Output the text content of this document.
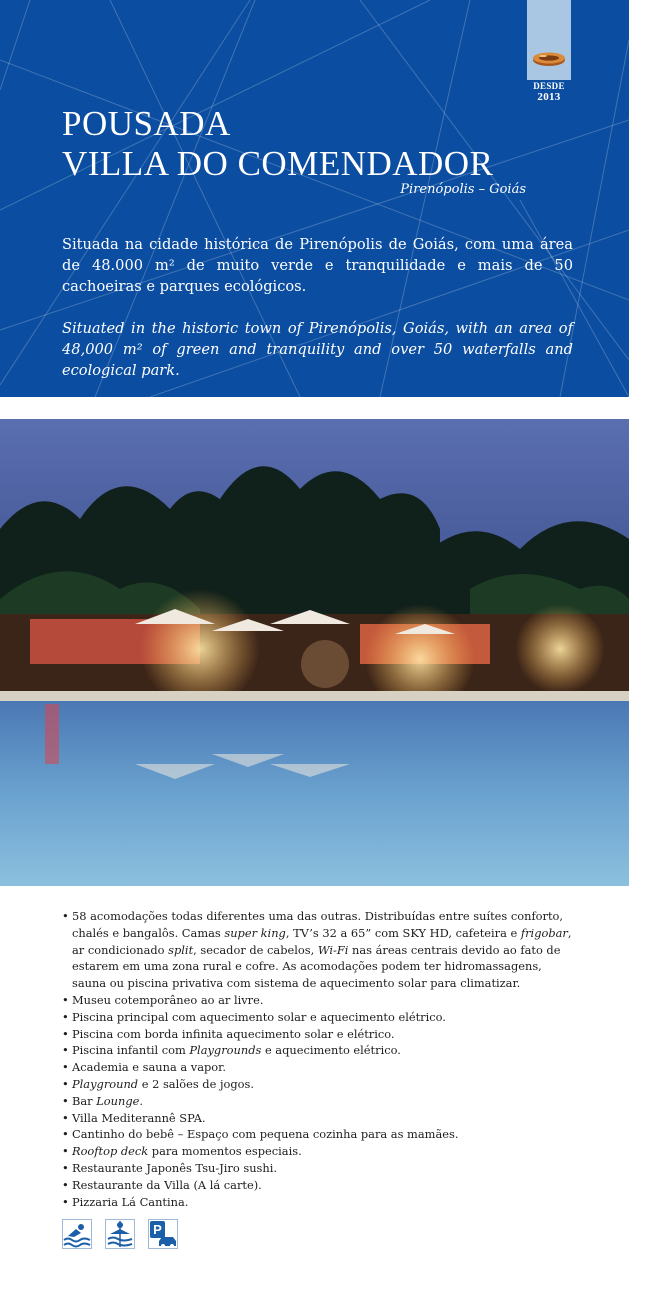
DESDE
2013
POUSADA
VILLA DO COMENDADOR
Pirenópolis – Goiás

Situada na cidade histórica de Pirenópolis de Goiás, com uma área de 48.000 m² de muito verde e tranquilidade e mais de 50 cachoeiras e parques ecológicos.

Situated in the historic town of Pirenópolis, Goiás, with an area of 48,000 m² of green and tranquility and over 50 waterfalls and ecological park.

• 58 acomodações todas diferentes uma das outras. Distribuídas entre suítes conforto, chalés e bangalôs. Camas super king, TV’s 32 a 65” com SKY HD, cafeteira e frigobar, ar condicionado split, secador de cabelos, Wi-Fi nas áreas centrais devido ao fato de estarem em uma zona rural e cofre. As acomodações podem ter hidromassagens, sauna ou piscina privativa com sistema de aquecimento solar para climatizar.
• Museu cotemporâneo ao ar livre.
• Piscina principal com aquecimento solar e aquecimento elétrico.
• Piscina com borda infinita aquecimento solar e elétrico.
• Piscina infantil com Playgrounds e aquecimento elétrico.
• Academia e sauna a vapor.
• Playground e 2 salões de jogos.
• Bar Lounge.
• Villa Mediterannê SPA.
• Cantinho do bebê – Espaço com pequena cozinha para as mamães.
• Rooftop deck para momentos especiais.
• Restaurante Japonês Tsu-Jiro sushi.
• Restaurante da Villa (A lá carte).
• Pizzaria Lá Cantina.
P
